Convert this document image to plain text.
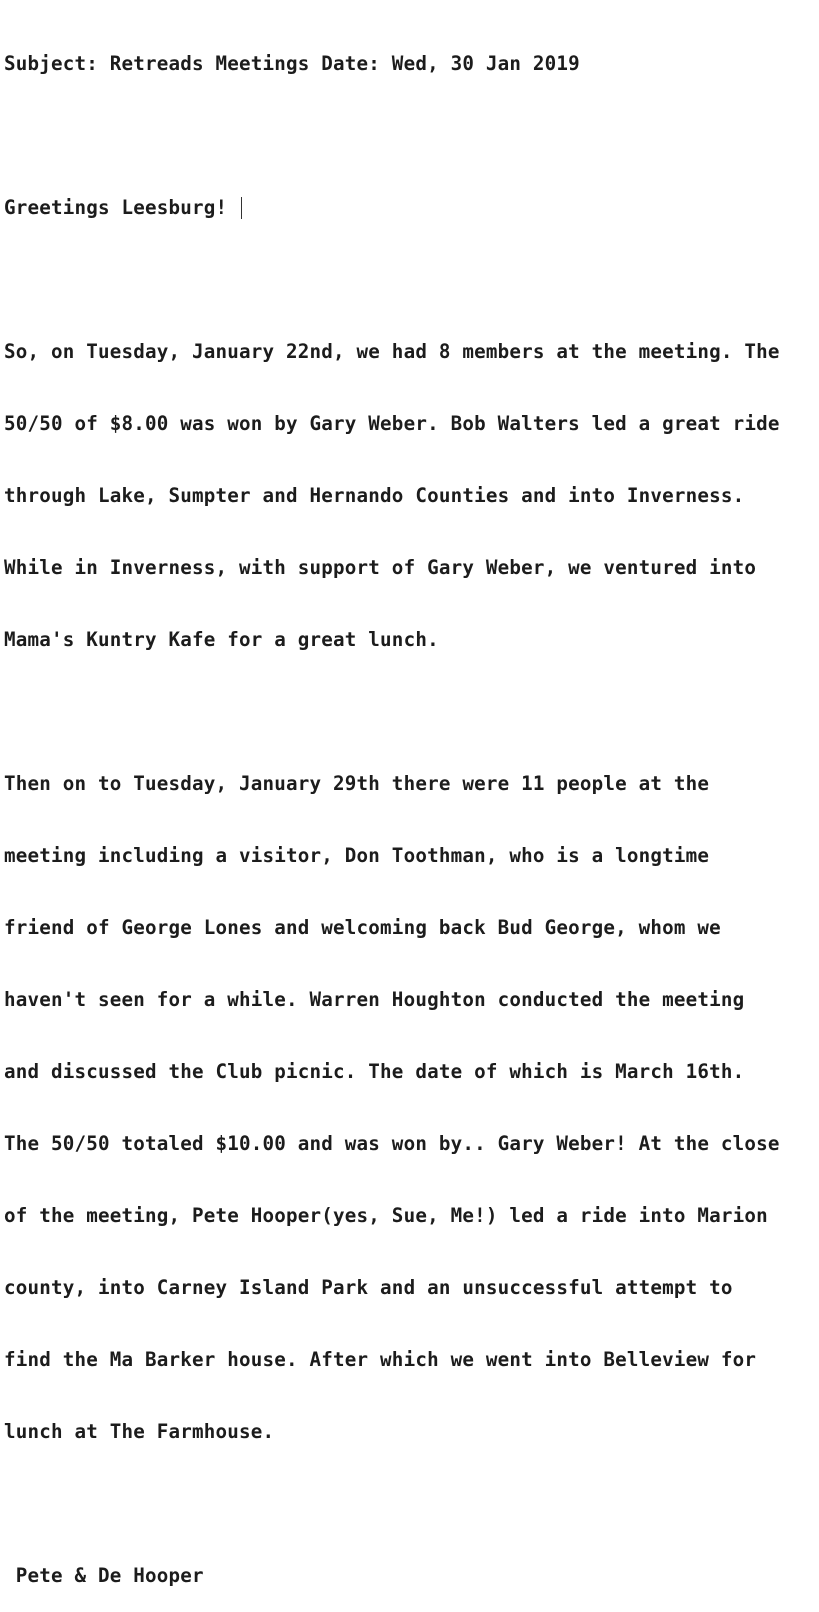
Subject: Retreads Meetings Date: Wed, 30 Jan 2019

Greetings Leesburg!

So, on Tuesday, January 22nd, we had 8 members at the meeting. The

50/50 of $8.00 was won by Gary Weber. Bob Walters led a great ride

through Lake, Sumpter and Hernando Counties and into Inverness.

While in Inverness, with support of Gary Weber, we ventured into

Mama's Kuntry Kafe for a great lunch.

Then on to Tuesday, January 29th there were 11 people at the

meeting including a visitor, Don Toothman, who is a longtime

friend of George Lones and welcoming back Bud George, whom we

haven't seen for a while. Warren Houghton conducted the meeting

and discussed the Club picnic. The date of which is March 16th.

The 50/50 totaled $10.00 and was won by.. Gary Weber! At the close

of the meeting, Pete Hooper(yes, Sue, Me!) led a ride into Marion

county, into Carney Island Park and an unsuccessful attempt to

find the Ma Barker house. After which we went into Belleview for

lunch at The Farmhouse.

Pete & De Hooper
